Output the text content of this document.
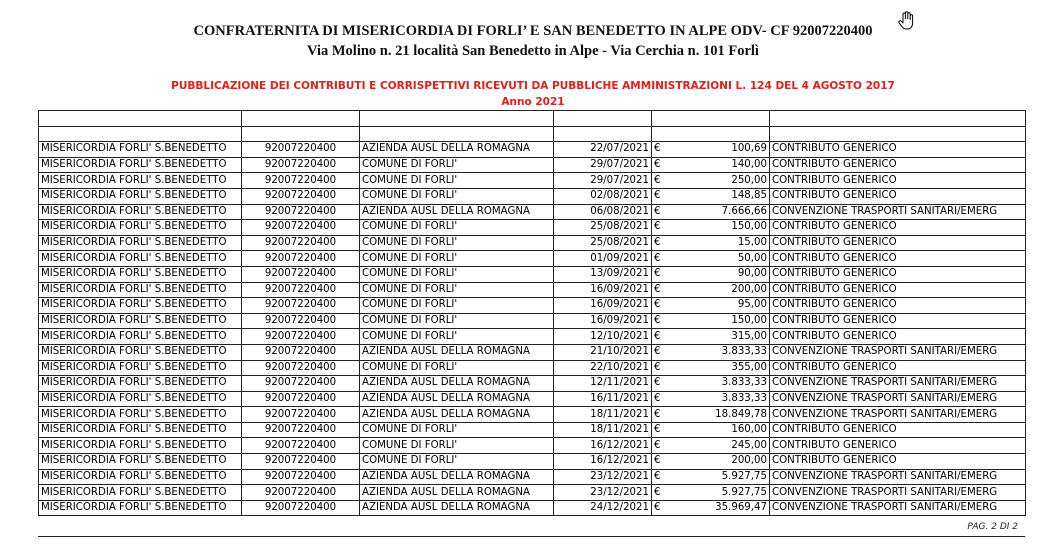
CONFRATERNITA DI MISERICORDIA DI FORLI’ E SAN BENEDETTO IN ALPE ODV- CF 92007220400
Via Molino n. 21 località San Benedetto in Alpe - Via Cerchia n. 101 Forlì
PUBBLICAZIONE DEI CONTRIBUTI E CORRISPETTIVI RICEVUTI DA PUBBLICHE AMMINISTRAZIONI L. 124 DEL 4 AGOSTO 2017
Anno 2021

MISERICORDIA FORLI' S.BENEDETTO	92007220400	AZIENDA AUSL DELLA ROMAGNA	22/07/2021	€ 100,69	CONTRIBUTO GENERICO
MISERICORDIA FORLI' S.BENEDETTO	92007220400	COMUNE DI FORLI'	29/07/2021	€ 140,00	CONTRIBUTO GENERICO
MISERICORDIA FORLI' S.BENEDETTO	92007220400	COMUNE DI FORLI'	29/07/2021	€ 250,00	CONTRIBUTO GENERICO
MISERICORDIA FORLI' S.BENEDETTO	92007220400	COMUNE DI FORLI'	02/08/2021	€ 148,85	CONTRIBUTO GENERICO
MISERICORDIA FORLI' S.BENEDETTO	92007220400	AZIENDA AUSL DELLA ROMAGNA	06/08/2021	€ 7.666,66	CONVENZIONE TRASPORTI SANITARI/EMERG
MISERICORDIA FORLI' S.BENEDETTO	92007220400	COMUNE DI FORLI'	25/08/2021	€ 150,00	CONTRIBUTO GENERICO
MISERICORDIA FORLI' S.BENEDETTO	92007220400	COMUNE DI FORLI'	25/08/2021	€ 15,00	CONTRIBUTO GENERICO
MISERICORDIA FORLI' S.BENEDETTO	92007220400	COMUNE DI FORLI'	01/09/2021	€ 50,00	CONTRIBUTO GENERICO
MISERICORDIA FORLI' S.BENEDETTO	92007220400	COMUNE DI FORLI'	13/09/2021	€ 90,00	CONTRIBUTO GENERICO
MISERICORDIA FORLI' S.BENEDETTO	92007220400	COMUNE DI FORLI'	16/09/2021	€ 200,00	CONTRIBUTO GENERICO
MISERICORDIA FORLI' S.BENEDETTO	92007220400	COMUNE DI FORLI'	16/09/2021	€ 95,00	CONTRIBUTO GENERICO
MISERICORDIA FORLI' S.BENEDETTO	92007220400	COMUNE DI FORLI'	16/09/2021	€ 150,00	CONTRIBUTO GENERICO
MISERICORDIA FORLI' S.BENEDETTO	92007220400	COMUNE DI FORLI'	12/10/2021	€ 315,00	CONTRIBUTO GENERICO
MISERICORDIA FORLI' S.BENEDETTO	92007220400	AZIENDA AUSL DELLA ROMAGNA	21/10/2021	€ 3.833,33	CONVENZIONE TRASPORTI SANITARI/EMERG
MISERICORDIA FORLI' S.BENEDETTO	92007220400	COMUNE DI FORLI'	22/10/2021	€ 355,00	CONTRIBUTO GENERICO
MISERICORDIA FORLI' S.BENEDETTO	92007220400	AZIENDA AUSL DELLA ROMAGNA	12/11/2021	€ 3.833,33	CONVENZIONE TRASPORTI SANITARI/EMERG
MISERICORDIA FORLI' S.BENEDETTO	92007220400	AZIENDA AUSL DELLA ROMAGNA	16/11/2021	€ 3.833,33	CONVENZIONE TRASPORTI SANITARI/EMERG
MISERICORDIA FORLI' S.BENEDETTO	92007220400	AZIENDA AUSL DELLA ROMAGNA	18/11/2021	€ 18.849,78	CONVENZIONE TRASPORTI SANITARI/EMERG
MISERICORDIA FORLI' S.BENEDETTO	92007220400	COMUNE DI FORLI'	18/11/2021	€ 160,00	CONTRIBUTO GENERICO
MISERICORDIA FORLI' S.BENEDETTO	92007220400	COMUNE DI FORLI'	16/12/2021	€ 245,00	CONTRIBUTO GENERICO
MISERICORDIA FORLI' S.BENEDETTO	92007220400	COMUNE DI FORLI'	16/12/2021	€ 200,00	CONTRIBUTO GENERICO
MISERICORDIA FORLI' S.BENEDETTO	92007220400	AZIENDA AUSL DELLA ROMAGNA	23/12/2021	€ 5.927,75	CONVENZIONE TRASPORTI SANITARI/EMERG
MISERICORDIA FORLI' S.BENEDETTO	92007220400	AZIENDA AUSL DELLA ROMAGNA	23/12/2021	€ 5.927,75	CONVENZIONE TRASPORTI SANITARI/EMERG
MISERICORDIA FORLI' S.BENEDETTO	92007220400	AZIENDA AUSL DELLA ROMAGNA	24/12/2021	€ 35.969,47	CONVENZIONE TRASPORTI SANITARI/EMERG
PAG. 2 DI 2
